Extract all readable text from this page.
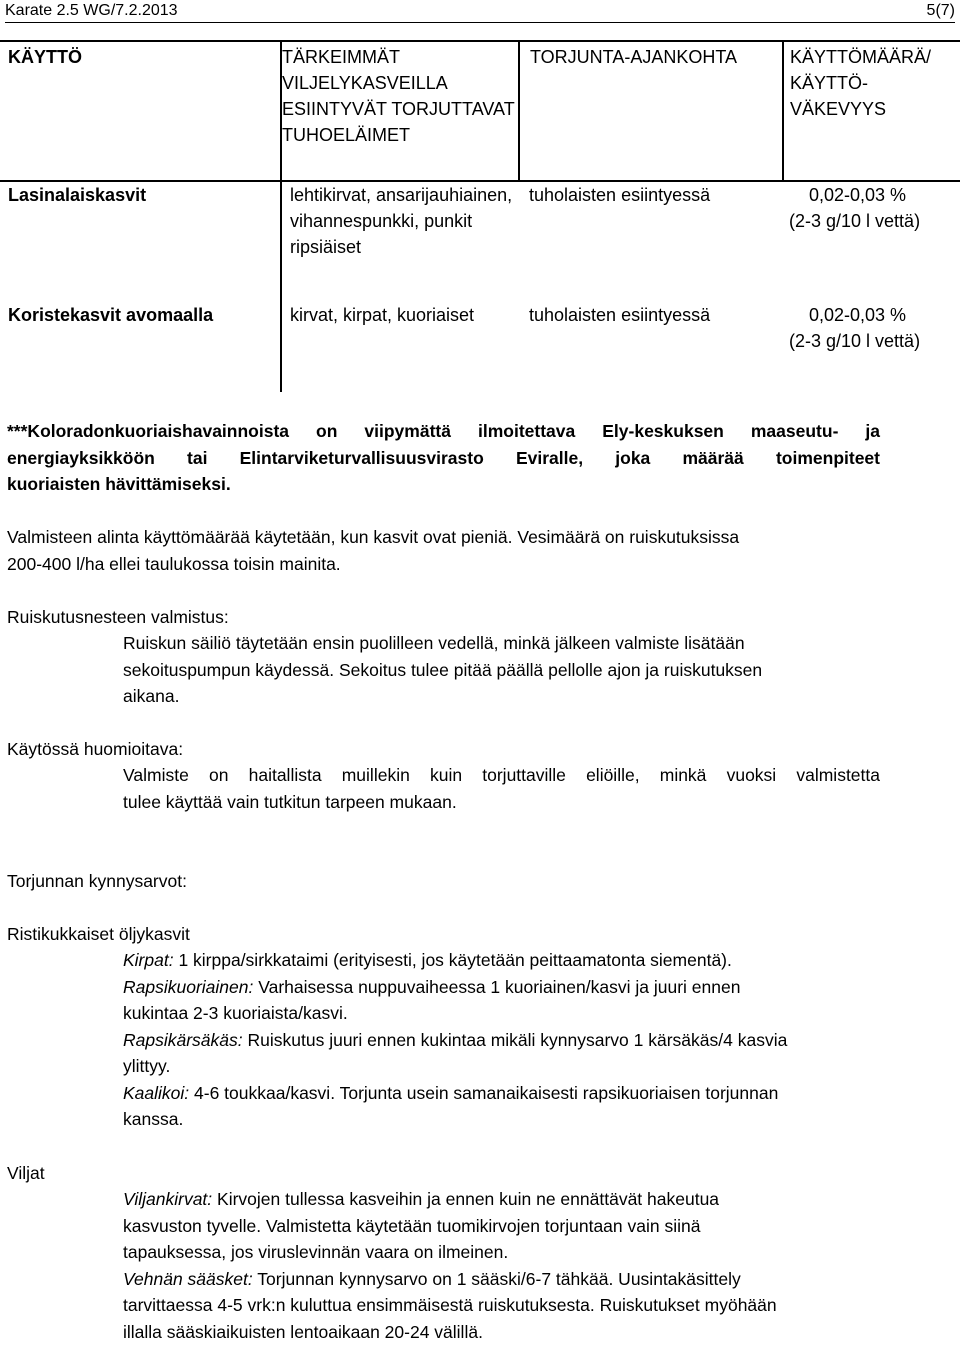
Karate 2.5 WG/7.2.2013	5(7)
KÄYTTÖ	TÄRKEIMMÄT VILJELYKASVEILLA ESIINTYVÄT TORJUTTAVAT TUHOELÄIMET	TORJUNTA-AJANKOHTA	KÄYTTÖMÄÄRÄ/ KÄYTTÖ-VÄKEVYYS
Lasinalaiskasvit	lehtikirvat, ansarijauhiainen, vihannespunkki, punkit ripsiäiset	tuholaisten esiintyessä	0,02-0,03 %
(2-3 g/10 l vettä)

Koristekasvit avomaalla	kirvat, kirpat, kuoriaiset	tuholaisten esiintyessä	0,02-0,03 %
(2-3 g/10 l vettä)
***Koloradonkuoriaishavainnoista on viipymättä ilmoitettava Ely-keskuksen maaseutu- ja
energiayksikköön tai Elintarviketurvallisuusvirasto Eviralle, joka määrää toimenpiteet
kuoriaisten hävittämiseksi.
Valmisteen alinta käyttömäärää käytetään, kun kasvit ovat pieniä. Vesimäärä on ruiskutuksissa
200-400 l/ha ellei taulukossa toisin mainita.
Ruiskutusnesteen valmistus:
Ruiskun säiliö täytetään ensin puolilleen vedellä, minkä jälkeen valmiste lisätään
sekoituspumpun käydessä. Sekoitus tulee pitää päällä pellolle ajon ja ruiskutuksen
aikana.
Käytössä huomioitava:
Valmiste on haitallista muillekin kuin torjuttaville eliöille, minkä vuoksi valmistetta
tulee käyttää vain tutkitun tarpeen mukaan.
Torjunnan kynnysarvot:
Ristikukkaiset öljykasvit
Kirpat: 1 kirppa/sirkkataimi (erityisesti, jos käytetään peittaamatonta siementä).
Rapsikuoriainen: Varhaisessa nuppuvaiheessa 1 kuoriainen/kasvi ja juuri ennen
kukintaa 2-3 kuoriaista/kasvi.
Rapsikärsäkäs: Ruiskutus juuri ennen kukintaa mikäli kynnysarvo 1 kärsäkäs/4 kasvia
ylittyy.
Kaalikoi: 4-6 toukkaa/kasvi. Torjunta usein samanaikaisesti rapsikuoriaisen torjunnan
kanssa.
Viljat
Viljankirvat: Kirvojen tullessa kasveihin ja ennen kuin ne ennättävät hakeutua
kasvuston tyvelle. Valmistetta käytetään tuomikirvojen torjuntaan vain siinä
tapauksessa, jos viruslevinnän vaara on ilmeinen.
Vehnän sääsket: Torjunnan kynnysarvo on 1 sääski/6-7 tähkää. Uusintakäsittely
tarvittaessa 4-5 vrk:n kuluttua ensimmäisestä ruiskutuksesta. Ruiskutukset myöhään
illalla sääskiaikuisten lentoaikaan 20-24 välillä.
